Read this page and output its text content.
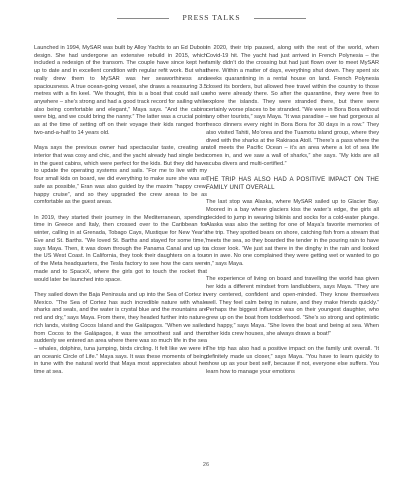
PRESS TALKS

Launched in 1994, MySAR was built by Alloy Yachts to an Ed Dubois design. She had undergone an extensive rebuild in 2015, which included a redesign of the transom. The couple have since kept her up to date and in excellent condition with regular refit work. But what really drew them to MySAR was her seaworthiness and spaciousness. A true ocean-going vessel, she draws a reassuring 3.5 metres with a fin keel. “We thought, this is a boat that could sail us anywhere – she’s strong and had a good track record for sailing while also being comfortable and elegant,” Maya says. “And the cabins were big, and we could bring the nanny.” The latter was a crucial point as at the time of setting off on their voyage their kids ranged from two-and-a-half to 14 years old.

Maya says the previous owner had spectacular taste, creating an interior that was cosy and chic, and the yacht already had single beds in the guest cabins, which were perfect for the kids. But they did have to update the operating systems and sails. “For me to live with my four small kids on board, we did everything to make sure she was as safe as possible,” Eran was also guided by the maxim “happy crew, happy cruise”, and so they upgraded the crew areas to be as comfortable as the guest areas.

In 2019, they started their journey in the Mediterranean, spending time in Greece and Italy, then crossed over to the Caribbean for winter, calling in at Grenada, Tobago Cays, Mustique for New Year’s Eve and St. Barths. “We loved St. Barths and stayed for some time,” says Maya. Then, it was down through the Panama Canal and up to the US West Coast. In California, they took their daughters on a tour of the Meta headquarters, the Tesla factory to see how the cars were made and to SpaceX, where the girls got to touch the rocket that would later be launched into space.

They sailed down the Baja Peninsula and up into the Sea of Cortez in Mexico. “The Sea of Cortez has such incredible nature with whale sharks and seals, and the water is crystal blue and the mountains are red and dry,” says Maya. From there, they headed further into nature-rich lands, visiting Cocos Island and the Galápagos. “When we sailed from Cocos to the Galápagos, it was the smoothest sail and then suddenly we entered an area where there was so much life in the sea – whales, dolphins, tuna jumping, birds circling. It felt like we were in an oceanic Circle of Life.” Maya says. It was these moments of being in tune with the natural world that Maya most appreciates about her time at sea.

In 2020, their trip paused, along with the rest of the world, when Covid-19 hit. The yacht had just arrived in French Polynesia – the family didn’t do the crossing but had just flown over to meet MySAR there. Within a matter of days, everything shut down. They spent six weeks quarantining in a rental house on land. French Polynesia closed its borders, but allowed free travel within the country to those who were already there. So after the quarantine, they were free to explore the islands. They were stranded there, but there were certainly worse places to be stranded. “We were in Bora Bora without any other tourists,” says Maya. “It was paradise – we had gorgeous al fresco dinners every night in Bora Bora for 30 days in a row.” They also visited Tahiti, Mo’orea and the Tuamotu island group, where they dived with the sharks at the Rakiraoa Atoll. “There’s a pass where the atoll meets the Pacific Ocean – it’s an area where a lot of sea life comes in, and we saw a wall of sharks,” she says. “My kids are all scuba divers and multi-certified.”

THE TRIP HAS ALSO HAD A POSITIVE IMPACT ON THE FAMILY UNIT OVERALL

The last stop was Alaska, where MySAR sailed up to Glacier Bay. Moored in a bay where glaciers kiss the water’s edge, the girls all decided to jump in wearing bikinis and socks for a cold-water plunge. Alaska was also the setting for one of Maya’s favorite memories of the trip. They spotted bears on shore, catching fish from a stream that meets the sea, so they boarded the tender in the pouring rain to have a closer look. “We just sat there in the dinghy in the rain and looked on in awe. No one complained they were getting wet or wanted to go in,” says Maya.

The experience of living on board and travelling the world has given her kids a different mindset from landlubbers, says Maya. “They are very centered, confident and open-minded. They know themselves well. They feel calm being in nature, and they make friends quickly.” Perhaps the biggest influence was on their youngest daughter, who grew up on the boat from toddlerhood. “She’s so strong and optimistic and happy,” says Maya. “She loves the boat and being at sea. When other kids crew houses, she always draws a boat!”

The trip has also had a positive impact on the family unit overall. “It definitely made us closer,” says Maya. “You have to learn quickly to show up as your best self, because if not, everyone else suffers. You learn how to manage your emotions

26
